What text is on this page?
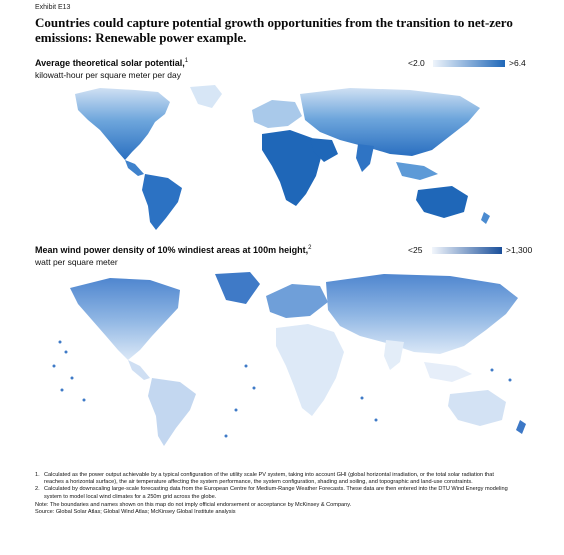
Exhibit E13
Countries could capture potential growth opportunities from the transition to net-zero emissions: Renewable power example.
Average theoretical solar potential,$^1$
kilowatt-hour per square meter per day
<2.0	>6.4
Mean wind power density of 10% windiest areas at 100m height,$^2$
watt per square meter
<25	>1,300
1. Calculated as the power output achievable by a typical configuration of the utility scale PV system, taking into account GHI (global horizontal irradiation, or the total solar radiation that reaches a horizontal surface), the air temperature affecting the system performance, the system configuration, shading and soiling, and topographic and land-use constraints.
2. Calculated by downscaling large-scale forecasting data from the European Centre for Medium-Range Weather Forecasts. These data are then entered into the DTU Wind Energy modeling system to model local wind climates for a 250m grid across the globe.
Note: The boundaries and names shown on this map do not imply official endorsement or acceptance by McKinsey & Company.
Source: Global Solar Atlas; Global Wind Atlas; McKinsey Global Institute analysis
